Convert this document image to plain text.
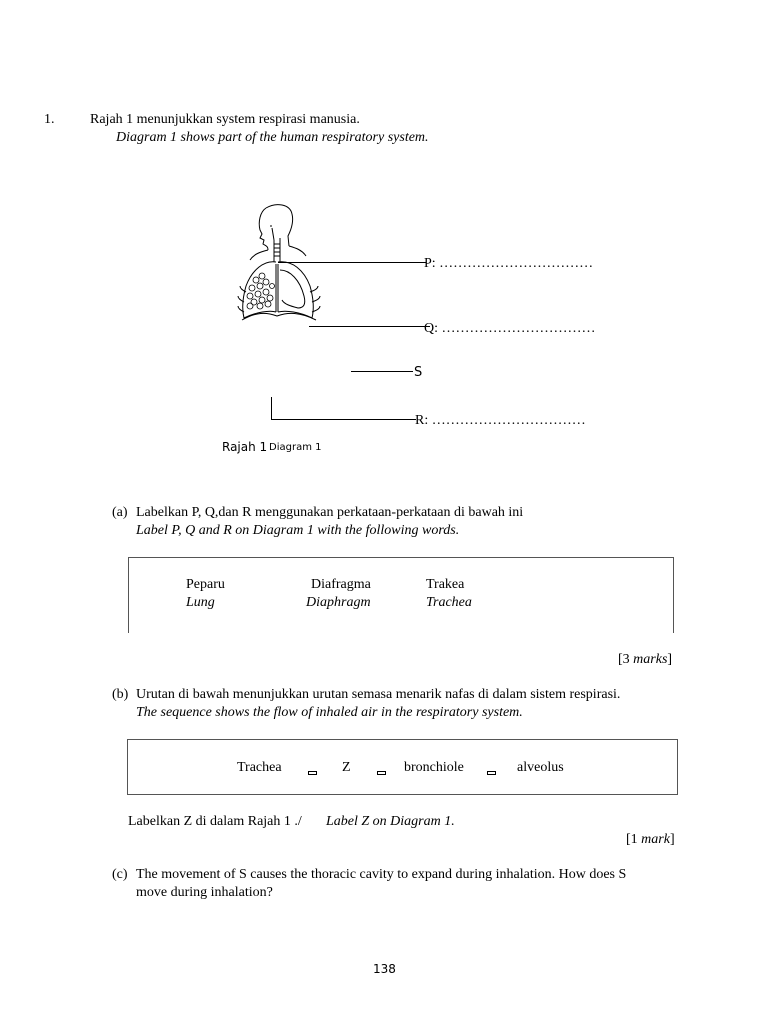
1.	Rajah 1 menunjukkan system respirasi manusia.
Diagram 1 shows part of the human respiratory system.
P: ……………………………
Q: ……………………………
S
R: ……………………………
Rajah 1 Diagram 1
(a) Labelkan P, Q,dan R menggunakan perkataan-perkataan di bawah ini
Label P, Q and R on Diagram 1 with the following words.
Peparu
Lung
Diafragma
Diaphragm
Trakea
Trachea
[3 marks]
(b) Urutan di bawah menunjukkan urutan semasa menarik nafas di dalam sistem respirasi.
The sequence shows the flow of inhaled air in the respiratory system.
Trachea	Z	bronchiole	alveolus
Labelkan Z di dalam Rajah 1 ./ Label Z on Diagram 1.
[1 mark]
(c) The movement of S causes the thoracic cavity to expand during inhalation. How does S
move during inhalation?
138
